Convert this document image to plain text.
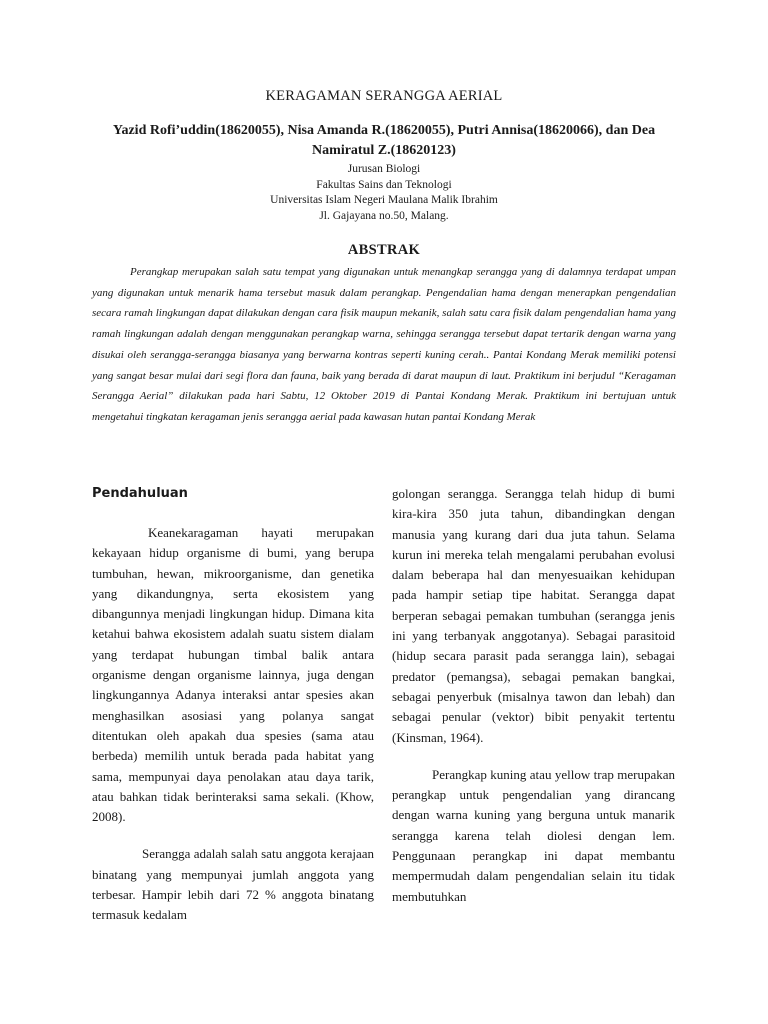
KERAGAMAN SERANGGA AERIAL
Yazid Rofi’uddin(18620055), Nisa Amanda R.(18620055), Putri Annisa(18620066), dan Dea Namiratul Z.(18620123)
Jurusan Biologi
Fakultas Sains dan Teknologi
Universitas Islam Negeri Maulana Malik Ibrahim
Jl. Gajayana no.50, Malang.
ABSTRAK
Perangkap merupakan salah satu tempat yang digunakan untuk menangkap serangga yang di dalamnya terdapat umpan yang digunakan untuk menarik hama tersebut masuk dalam perangkap. Pengendalian hama dengan menerapkan pengendalian secara ramah lingkungan dapat dilakukan dengan cara fisik maupun mekanik, salah satu cara fisik dalam pengendalian hama yang ramah lingkungan adalah dengan menggunakan perangkap warna, sehingga serangga tersebut dapat tertarik dengan warna yang disukai oleh serangga-serangga biasanya yang berwarna kontras seperti kuning cerah.. Pantai Kondang Merak memiliki potensi yang sangat besar mulai dari segi flora dan fauna, baik yang berada di darat maupun di laut. Praktikum ini berjudul “Keragaman Serangga Aerial” dilakukan pada hari Sabtu, 12 Oktober 2019 di Pantai Kondang Merak. Praktikum ini bertujuan untuk mengetahui tingkatan keragaman jenis serangga aerial pada kawasan hutan pantai Kondang Merak
Pendahuluan

Keanekaragaman hayati merupakan kekayaan hidup organisme di bumi, yang berupa tumbuhan, hewan, mikroorganisme, dan genetika yang dikandungnya, serta ekosistem yang dibangunnya menjadi lingkungan hidup. Dimana kita ketahui bahwa ekosistem adalah suatu sistem dialam yang terdapat hubungan timbal balik antara organisme dengan organisme lainnya, juga dengan lingkungannya Adanya interaksi antar spesies akan menghasilkan asosiasi yang polanya sangat ditentukan oleh apakah dua spesies (sama atau berbeda) memilih untuk berada pada habitat yang sama, mempunyai daya penolakan atau daya tarik, atau bahkan tidak berinteraksi sama sekali. (Khow, 2008).

Serangga adalah salah satu anggota kerajaan binatang yang mempunyai jumlah anggota yang terbesar. Hampir lebih dari 72 % anggota binatang termasuk kedalam

golongan serangga. Serangga telah hidup di bumi kira-kira 350 juta tahun, dibandingkan dengan manusia yang kurang dari dua juta tahun. Selama kurun ini mereka telah mengalami perubahan evolusi dalam beberapa hal dan menyesuaikan kehidupan pada hampir setiap tipe habitat. Serangga dapat berperan sebagai pemakan tumbuhan (serangga jenis ini yang terbanyak anggotanya). Sebagai parasitoid (hidup secara parasit pada serangga lain), sebagai predator (pemangsa), sebagai pemakan bangkai, sebagai penyerbuk (misalnya tawon dan lebah) dan sebagai penular (vektor) bibit penyakit tertentu (Kinsman, 1964).

Perangkap kuning atau yellow trap merupakan perangkap untuk pengendalian yang dirancang dengan warna kuning yang berguna untuk manarik serangga karena telah diolesi dengan lem. Penggunaan perangkap ini dapat membantu mempermudah dalam pengendalian selain itu tidak membutuhkan
